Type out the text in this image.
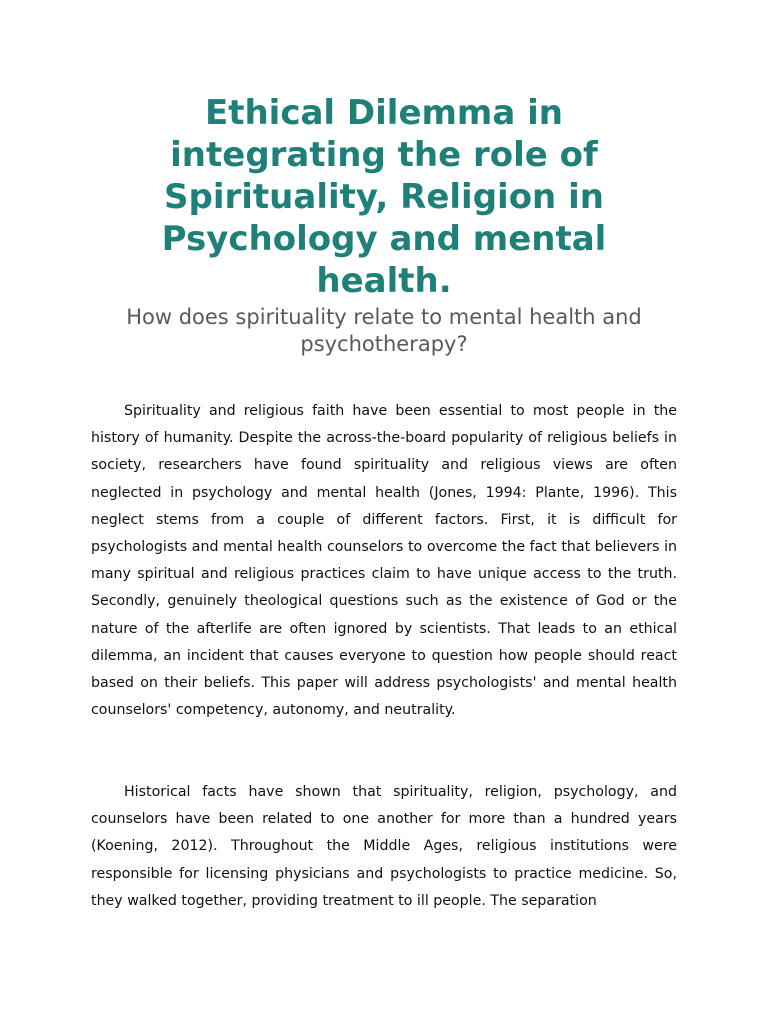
Ethical Dilemma in integrating the role of Spirituality, Religion in Psychology and mental health.
How does spirituality relate to mental health and psychotherapy?

Spirituality and religious faith have been essential to most people in the history of humanity. Despite the across-the-board popularity of religious beliefs in society, researchers have found spirituality and religious views are often neglected in psychology and mental health (Jones, 1994: Plante, 1996). This neglect stems from a couple of different factors. First, it is difficult for psychologists and mental health counselors to overcome the fact that believers in many spiritual and religious practices claim to have unique access to the truth. Secondly, genuinely theological questions such as the existence of God or the nature of the afterlife are often ignored by scientists. That leads to an ethical dilemma, an incident that causes everyone to question how people should react based on their beliefs. This paper will address psychologists' and mental health counselors' competency, autonomy, and neutrality.

Historical facts have shown that spirituality, religion, psychology, and counselors have been related to one another for more than a hundred years (Koening, 2012). Throughout the Middle Ages, religious institutions were responsible for licensing physicians and psychologists to practice medicine. So, they walked together, providing treatment to ill people. The separation
